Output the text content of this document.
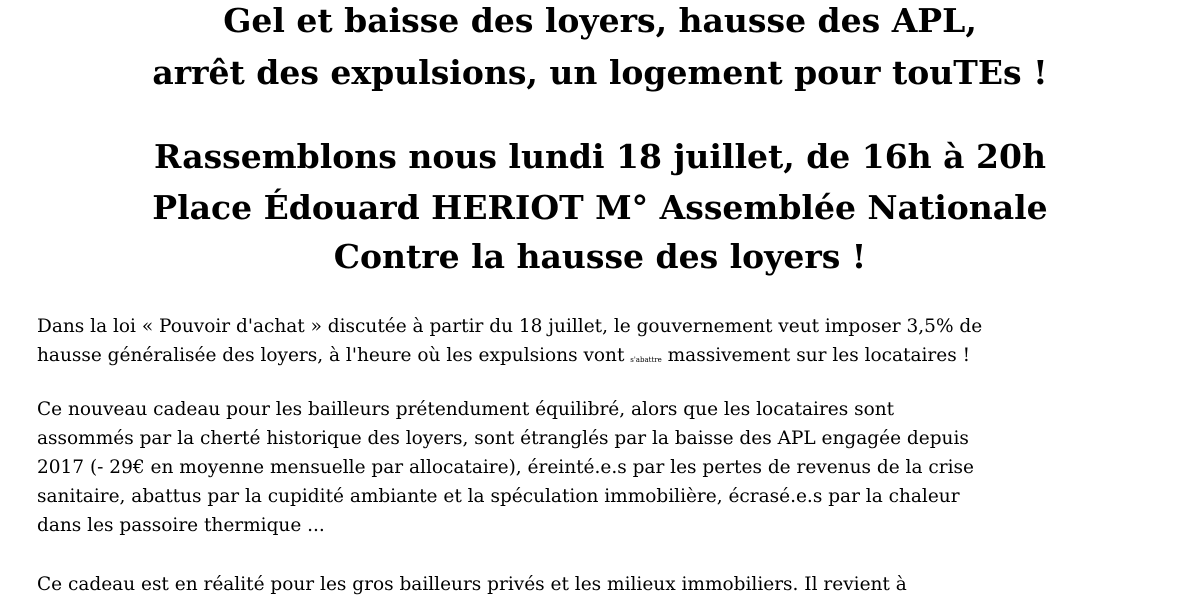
Gel et baisse des loyers, hausse des APL,
arrêt des expulsions, un logement pour touTEs !
Rassemblons nous lundi 18 juillet, de 16h à 20h
Place Édouard HERIOT M° Assemblée Nationale
Contre la hausse des loyers !
Dans la loi « Pouvoir d'achat » discutée à partir du 18 juillet, le gouvernement veut imposer 3,5% de
hausse généralisée des loyers, à l'heure où les expulsions vont s'abattre massivement sur les locataires !
Ce nouveau cadeau pour les bailleurs prétendument équilibré, alors que les locataires sont
assommés par la cherté historique des loyers, sont étranglés par la baisse des APL engagée depuis
2017 (- 29€ en moyenne mensuelle par allocataire), éreinté.e.s par les pertes de revenus de la crise
sanitaire, abattus par la cupidité ambiante et la spéculation immobilière, écrasé.e.s par la chaleur
dans les passoire thermique ...
Ce cadeau est en réalité pour les gros bailleurs privés et les milieux immobiliers. Il revient à
